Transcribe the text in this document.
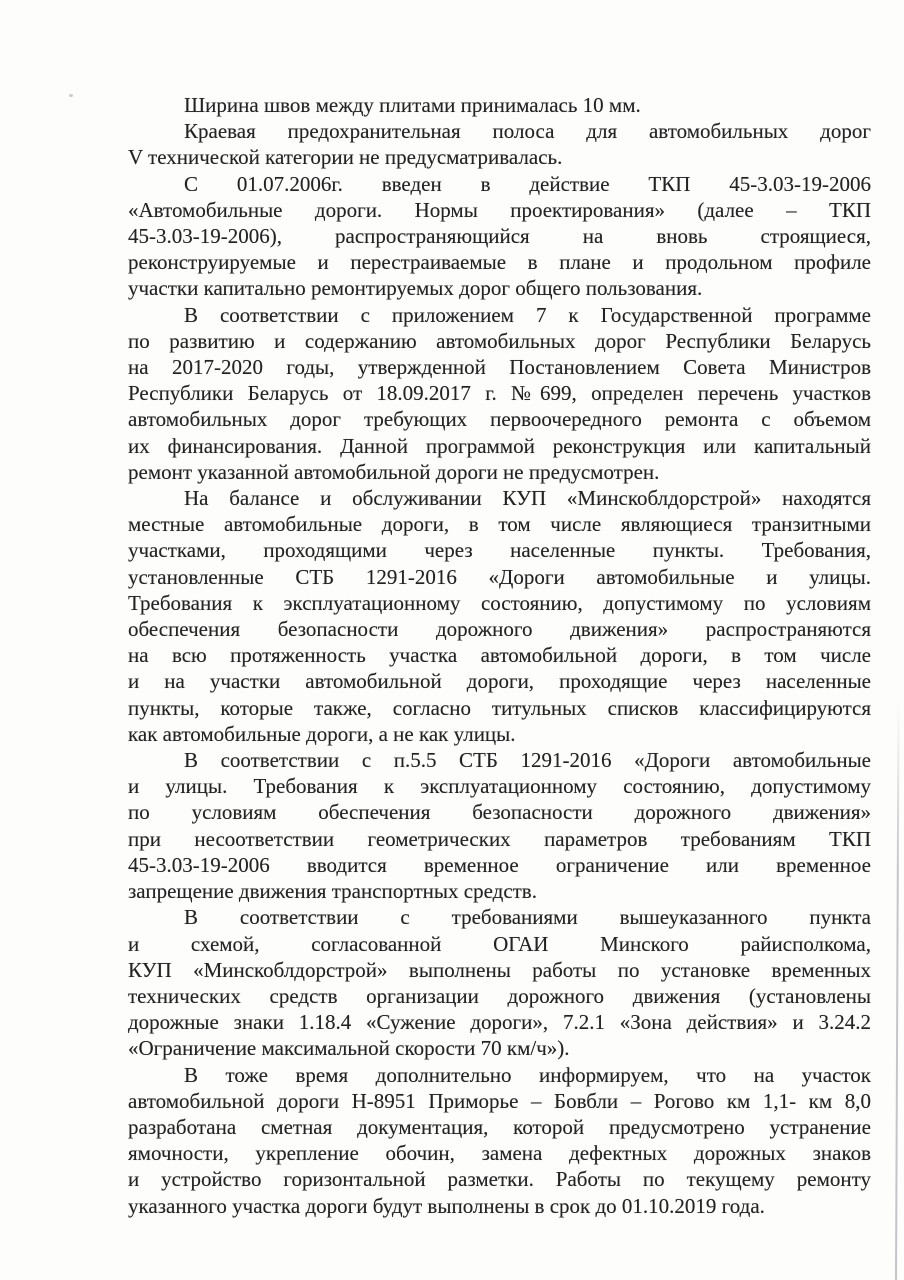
Ширина швов между плитами принималась 10 мм.
Краевая предохранительная полоса для автомобильных дорог
V технической категории не предусматривалась.
С 01.07.2006г. введен в действие ТКП 45-3.03-19-2006
«Автомобильные дороги. Нормы проектирования» (далее – ТКП
45-3.03-19-2006), распространяющийся на вновь строящиеся,
реконструируемые и перестраиваемые в плане и продольном профиле
участки капитально ремонтируемых дорог общего пользования.
В соответствии с приложением 7 к Государственной программе
по развитию и содержанию автомобильных дорог Республики Беларусь
на 2017-2020 годы, утвержденной Постановлением Совета Министров
Республики Беларусь от 18.09.2017 г. №699, определен перечень участков
автомобильных дорог требующих первоочередного ремонта с объемом
их финансирования. Данной программой реконструкция или капитальный
ремонт указанной автомобильной дороги не предусмотрен.
На балансе и обслуживании КУП «Минскоблдорстрой» находятся
местные автомобильные дороги, в том числе являющиеся транзитными
участками, проходящими через населенные пункты. Требования,
установленные СТБ 1291-2016 «Дороги автомобильные и улицы.
Требования к эксплуатационному состоянию, допустимому по условиям
обеспечения безопасности дорожного движения» распространяются
на всю протяженность участка автомобильной дороги, в том числе
и на участки автомобильной дороги, проходящие через населенные
пункты, которые также, согласно титульных списков классифицируются
как автомобильные дороги, а не как улицы.
В соответствии с п.5.5 СТБ 1291-2016 «Дороги автомобильные
и улицы. Требования к эксплуатационному состоянию, допустимому
по условиям обеспечения безопасности дорожного движения»
при несоответствии геометрических параметров требованиям ТКП
45-3.03-19-2006 вводится временное ограничение или временное
запрещение движения транспортных средств.
В соответствии с требованиями вышеуказанного пункта
и схемой, согласованной ОГАИ Минского райисполкома,
КУП «Минскоблдорстрой» выполнены работы по установке временных
технических средств организации дорожного движения (установлены
дорожные знаки 1.18.4 «Сужение дороги», 7.2.1 «Зона действия» и 3.24.2
«Ограничение максимальной скорости 70 км/ч»).
В тоже время дополнительно информируем, что на участок
автомобильной дороги Н-8951 Приморье – Бовбли – Рогово км 1,1- км 8,0
разработана сметная документация, которой предусмотрено устранение
ямочности, укрепление обочин, замена дефектных дорожных знаков
и устройство горизонтальной разметки. Работы по текущему ремонту
указанного участка дороги будут выполнены в срок до 01.10.2019 года.
